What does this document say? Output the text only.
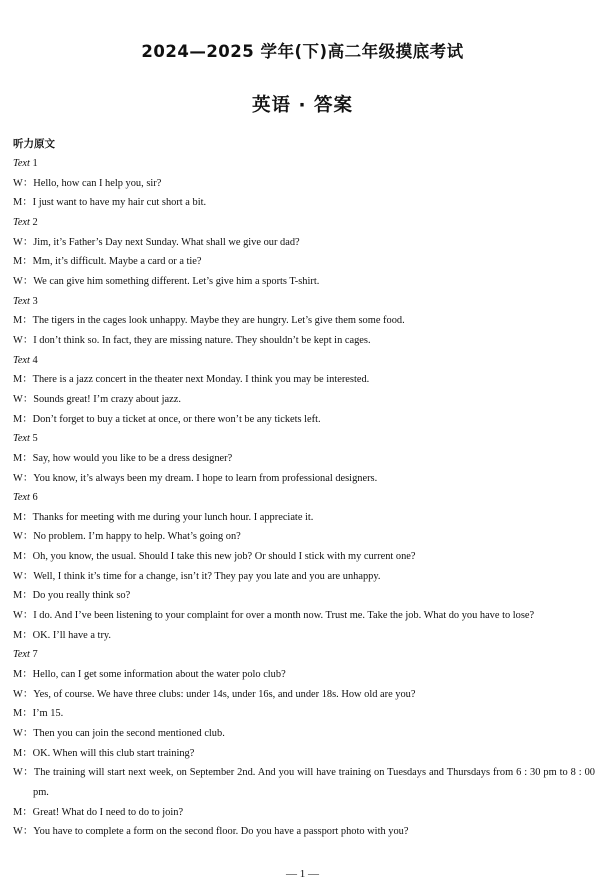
2024—2025 学年(下)高二年级摸底考试
英语 · 答案
听力原文
Text 1
W：Hello, how can I help you, sir?
M：I just want to have my hair cut short a bit.
Text 2
W：Jim, it’s Father’s Day next Sunday. What shall we give our dad?
M：Mm, it’s difficult. Maybe a card or a tie?
W：We can give him something different. Let’s give him a sports T-shirt.
Text 3
M：The tigers in the cages look unhappy. Maybe they are hungry. Let’s give them some food.
W：I don’t think so. In fact, they are missing nature. They shouldn’t be kept in cages.
Text 4
M：There is a jazz concert in the theater next Monday. I think you may be interested.
W：Sounds great! I’m crazy about jazz.
M：Don’t forget to buy a ticket at once, or there won’t be any tickets left.
Text 5
M：Say, how would you like to be a dress designer?
W：You know, it’s always been my dream. I hope to learn from professional designers.
Text 6
M：Thanks for meeting with me during your lunch hour. I appreciate it.
W：No problem. I’m happy to help. What’s going on?
M：Oh, you know, the usual. Should I take this new job? Or should I stick with my current one?
W：Well, I think it’s time for a change, isn’t it? They pay you late and you are unhappy.
M：Do you really think so?
W：I do. And I’ve been listening to your complaint for over a month now. Trust me. Take the job. What do you have to lose?
M：OK. I’ll have a try.
Text 7
M：Hello, can I get some information about the water polo club?
W：Yes, of course. We have three clubs: under 14s, under 16s, and under 18s. How old are you?
M：I’m 15.
W：Then you can join the second mentioned club.
M：OK. When will this club start training?
W：The training will start next week, on September 2nd. And you will have training on Tuesdays and Thursdays from 6 : 30 pm to 8 : 00 pm.
M：Great! What do I need to do to join?
W：You have to complete a form on the second floor. Do you have a passport photo with you?
— 1 —
